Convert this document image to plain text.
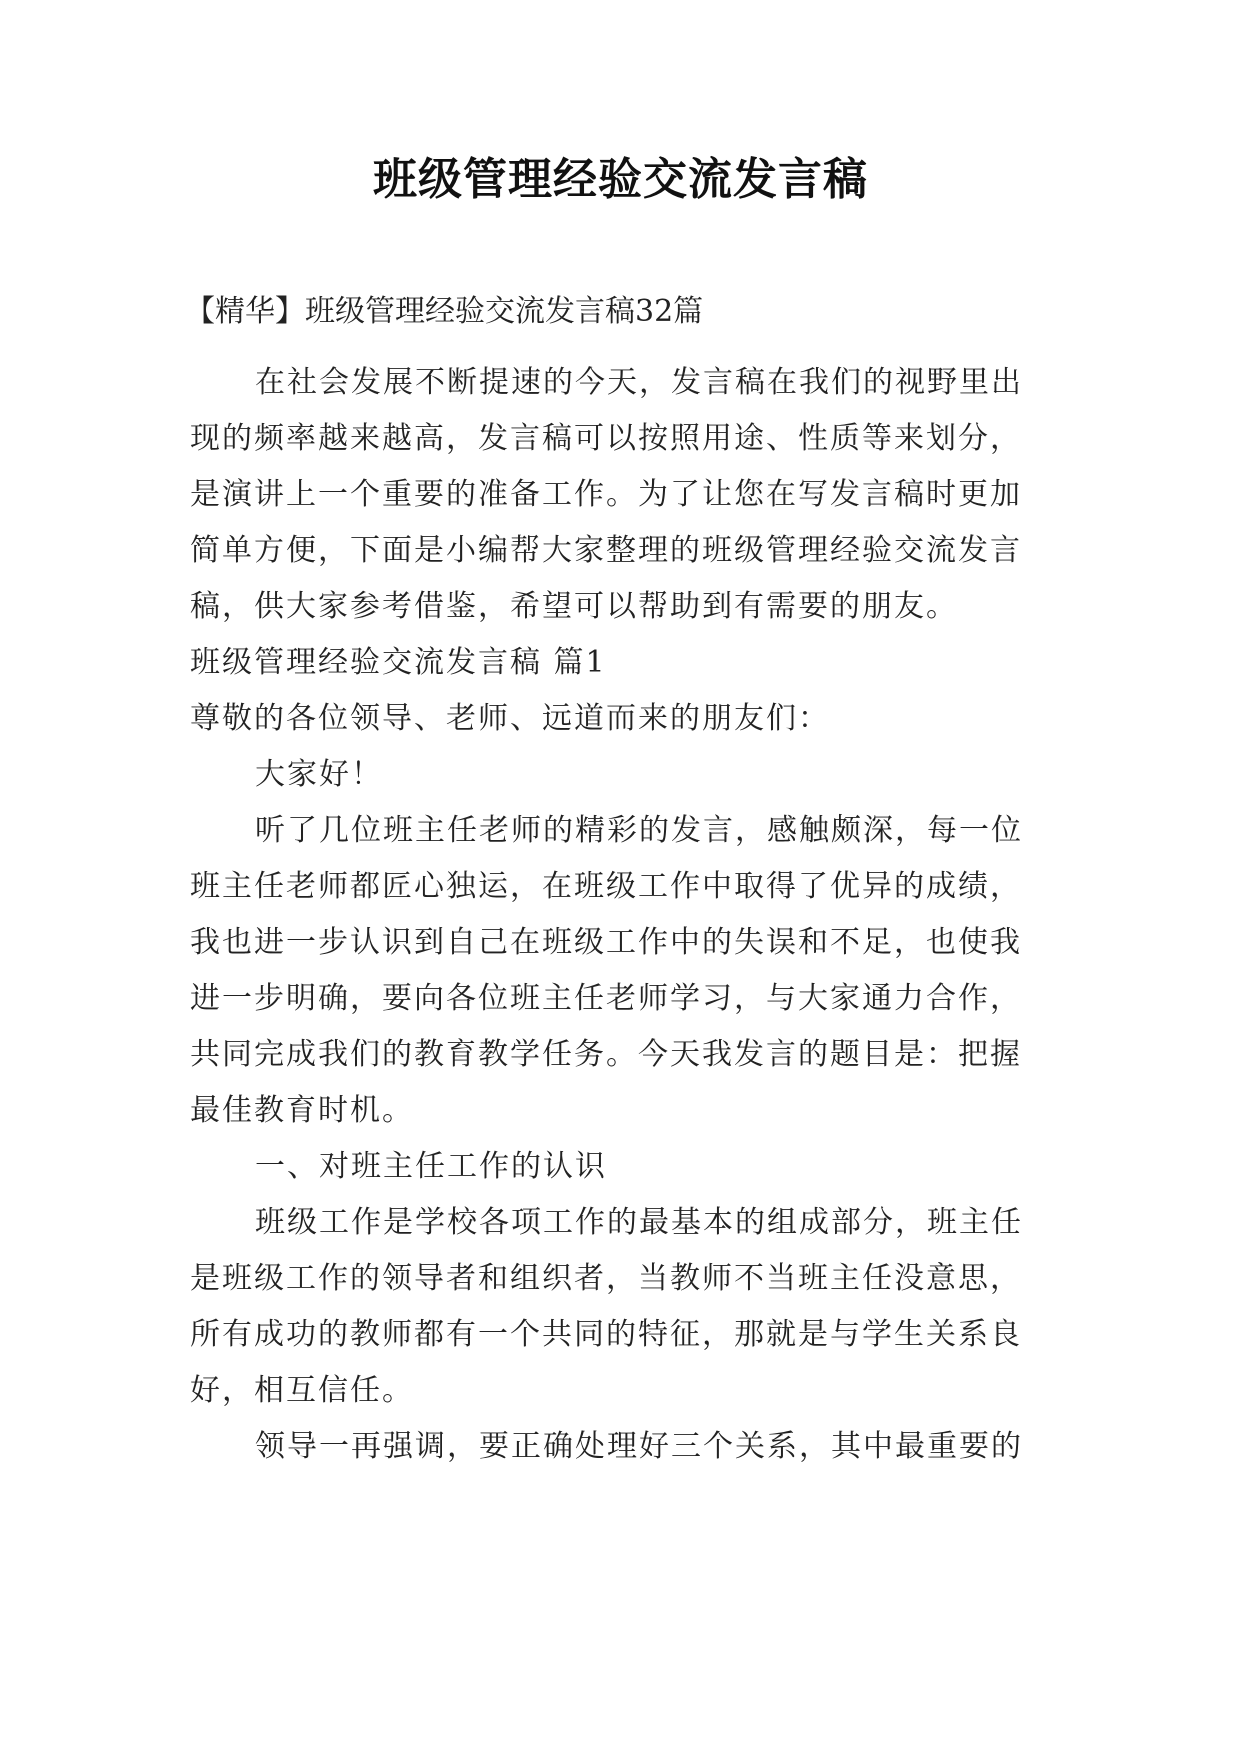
班级管理经验交流发言稿
【精华】班级管理经验交流发言稿32篇
在社会发展不断提速的今天，发言稿在我们的视野里出
现的频率越来越高，发言稿可以按照用途、性质等来划分，
是演讲上一个重要的准备工作。为了让您在写发言稿时更加
简单方便，下面是小编帮大家整理的班级管理经验交流发言
稿，供大家参考借鉴，希望可以帮助到有需要的朋友。
班级管理经验交流发言稿 篇1
尊敬的各位领导、老师、远道而来的朋友们：
大家好！
听了几位班主任老师的精彩的发言，感触颇深，每一位
班主任老师都匠心独运，在班级工作中取得了优异的成绩，
我也进一步认识到自己在班级工作中的失误和不足，也使我
进一步明确，要向各位班主任老师学习，与大家通力合作，
共同完成我们的教育教学任务。今天我发言的题目是：把握
最佳教育时机。
一、对班主任工作的认识
班级工作是学校各项工作的最基本的组成部分，班主任
是班级工作的领导者和组织者，当教师不当班主任没意思，
所有成功的教师都有一个共同的特征，那就是与学生关系良
好，相互信任。
领导一再强调，要正确处理好三个关系，其中最重要的
